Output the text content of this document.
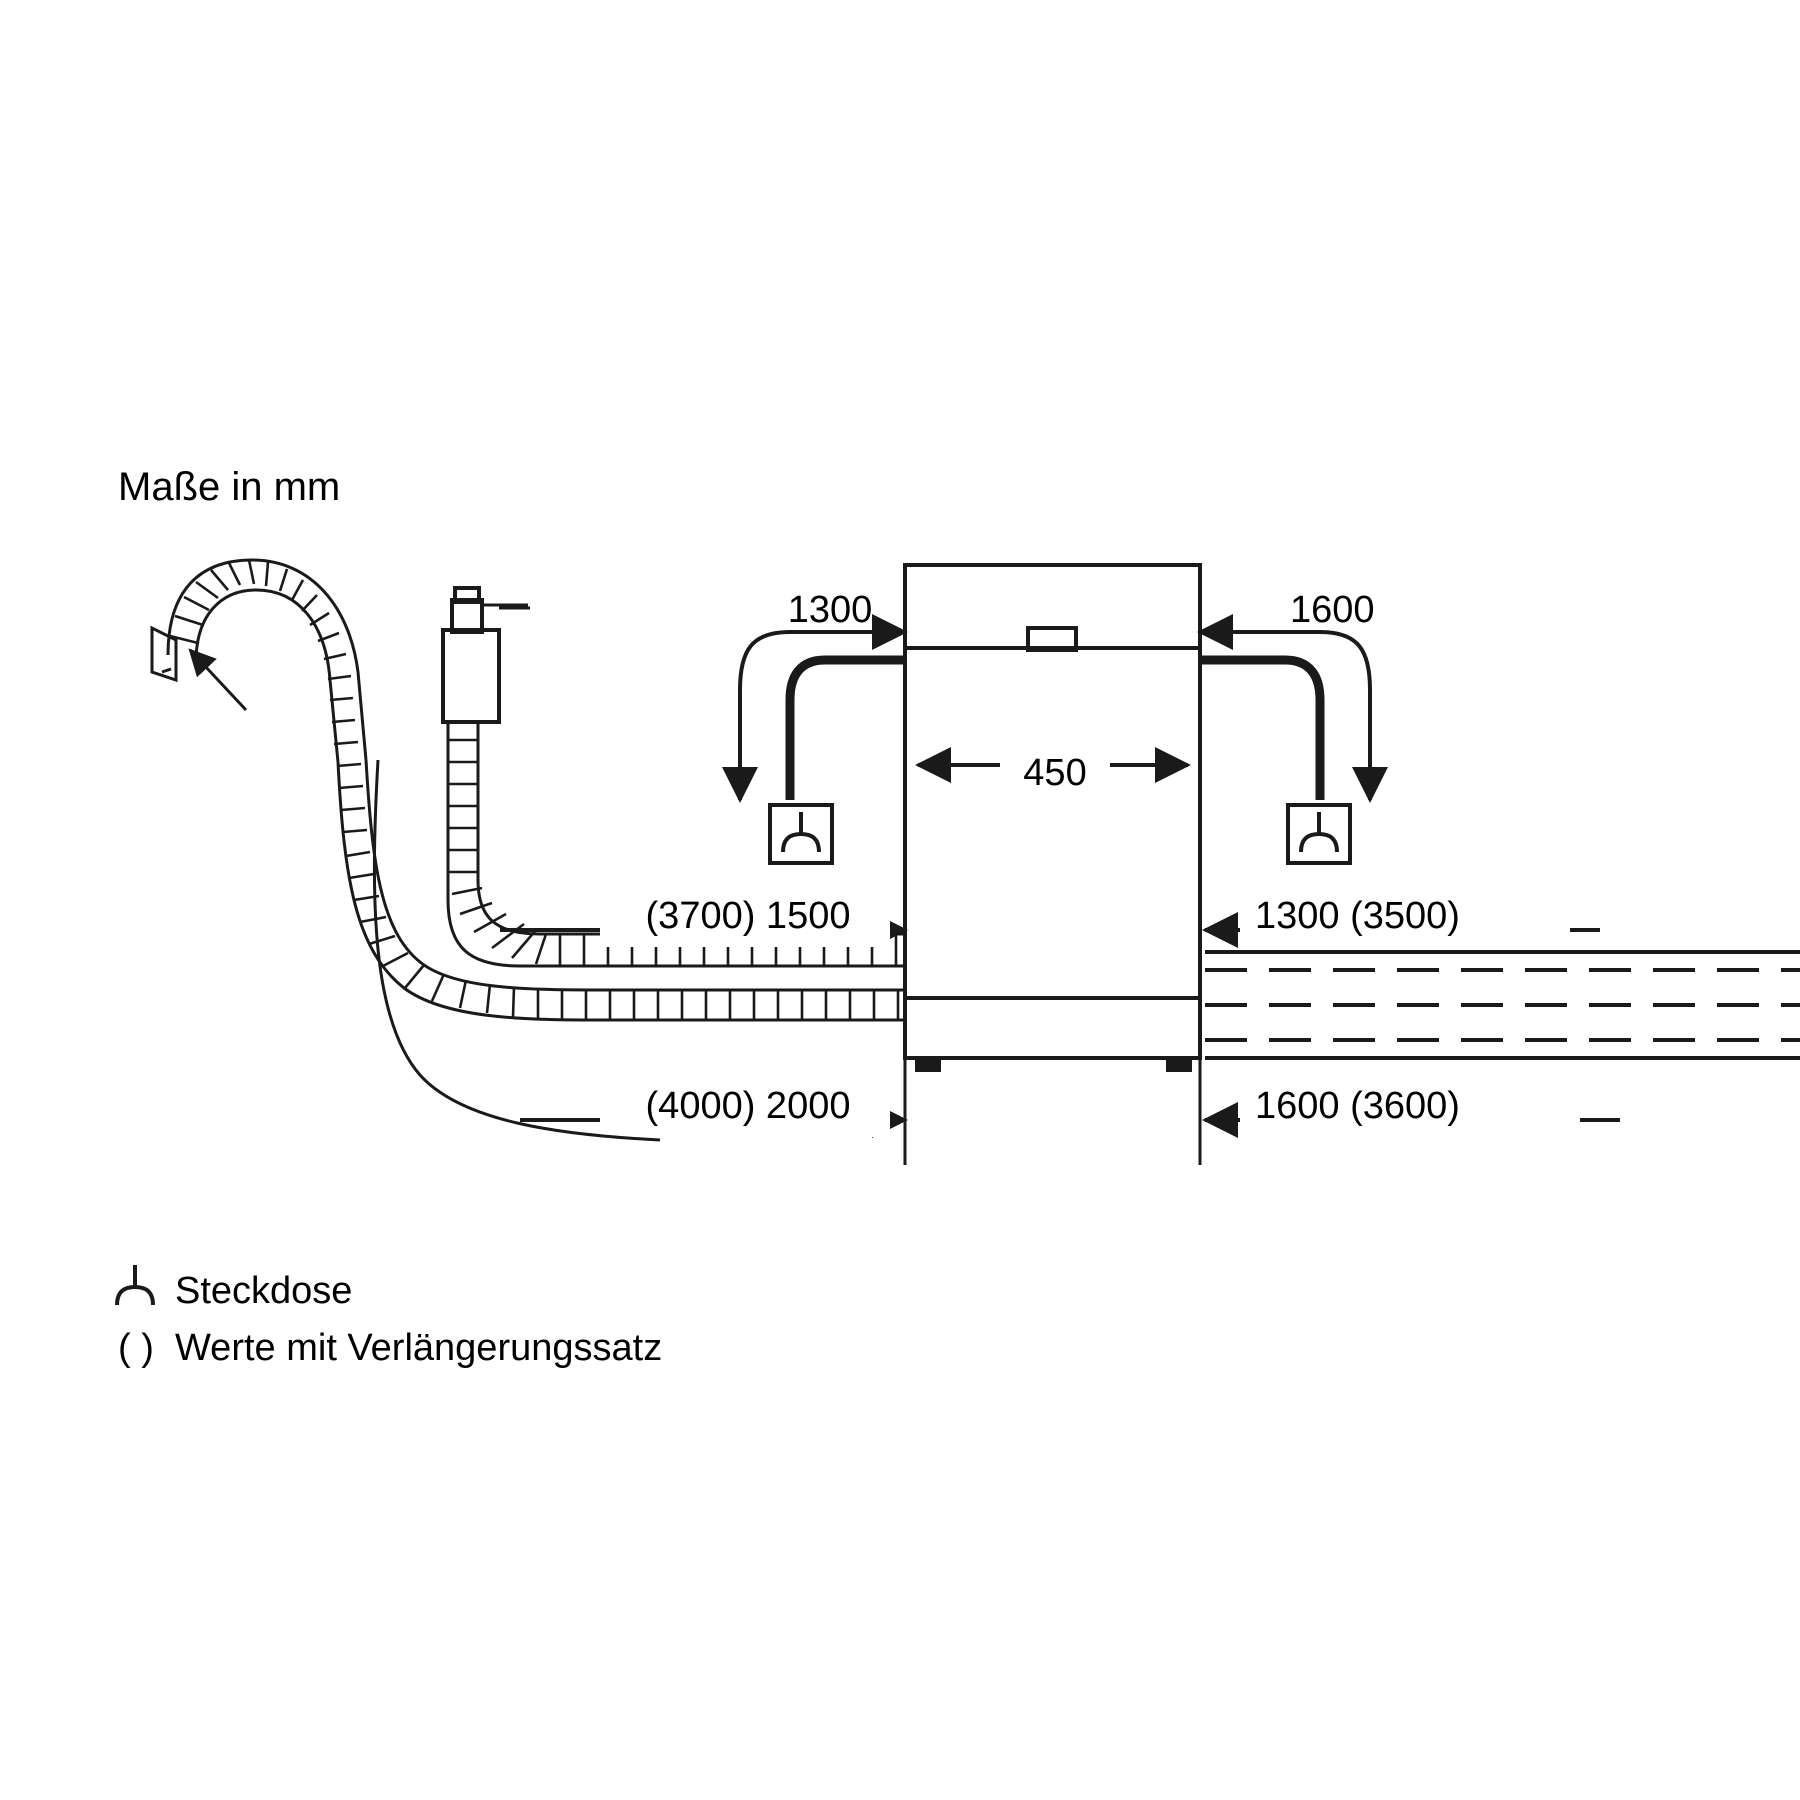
Maße in mm
450
1300	1600
(3700) 1500	1300 (3500)
(4000) 2000	1600 (3600)
Steckdose
( ) Werte mit Verlängerungssatz
